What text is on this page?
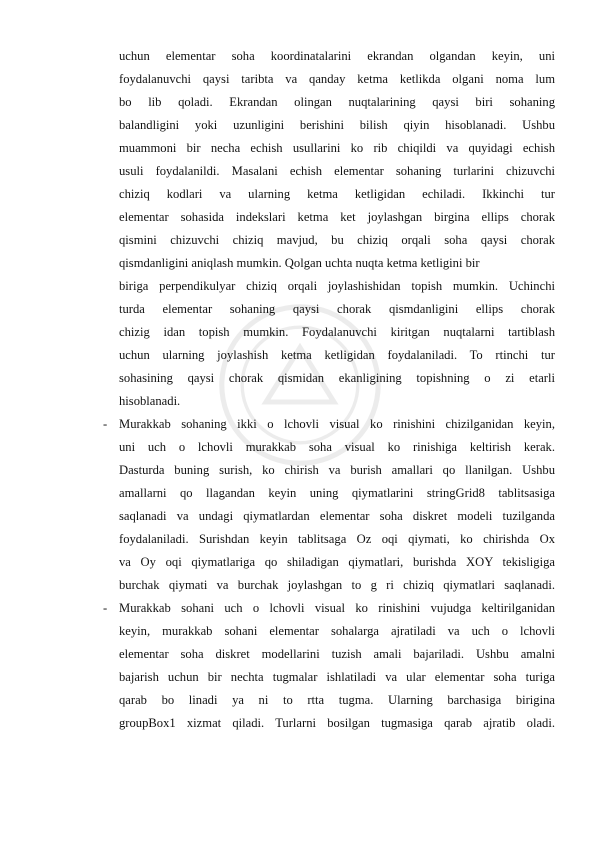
uchun elementar soha koordinatalarini ekrandan olgandan keyin, uni
foydalanuvchi qaysi taribta va qanday ketma ketlikda olgani noma lum
bo lib qoladi. Ekrandan olingan nuqtalarining qaysi biri sohaning
balandligini yoki uzunligini berishini bilish qiyin hisoblanadi. Ushbu
muammoni bir necha echish usullarini ko rib chiqildi va quyidagi echish
usuli foydalanildi. Masalani echish elementar sohaning turlarini chizuvchi
chiziq kodlari va ularning ketma ketligidan echiladi. Ikkinchi tur
elementar sohasida indekslari ketma ket joylashgan birgina ellips chorak
qismini chizuvchi chiziq mavjud, bu chiziq orqali soha qaysi chorak
qismdanligini aniqlash mumkin. Qolgan uchta nuqta ketma ketligini bir
biriga perpendikulyar chiziq orqali joylashishidan topish mumkin. Uchinchi
turda elementar sohaning qaysi chorak qismdanligini ellips chorak
chizig idan topish mumkin. Foydalanuvchi kiritgan nuqtalarni tartiblash
uchun ularning joylashish ketma ketligidan foydalaniladi. To rtinchi tur
sohasining qaysi chorak qismidan ekanligining topishning o zi etarli
hisoblanadi.
- Murakkab sohaning ikki o lchovli visual ko rinishini chizilganidan keyin,
uni uch o lchovli murakkab soha visual ko rinishiga keltirish kerak.
Dasturda buning surish, ko chirish va burish amallari qo llanilgan. Ushbu
amallarni qo llagandan keyin uning qiymatlarini stringGrid8 tablitsasiga
saqlanadi va undagi qiymatlardan elementar soha diskret modeli tuzilganda
foydalaniladi. Surishdan keyin tablitsaga Oz oqi qiymati, ko chirishda Ox
va Oy oqi qiymatlariga qo shiladigan qiymatlari, burishda XOY tekisligiga
burchak qiymati va burchak joylashgan to g ri chiziq qiymatlari saqlanadi.
- Murakkab sohani uch o lchovli visual ko rinishini vujudga keltirilganidan
keyin, murakkab sohani elementar sohalarga ajratiladi va uch o lchovli
elementar soha diskret modellarini tuzish amali bajariladi. Ushbu amalni
bajarish uchun bir nechta tugmalar ishlatiladi va ular elementar soha turiga
qarab bo linadi ya ni to rtta tugma. Ularning barchasiga birigina
groupBox1 xizmat qiladi. Turlarni bosilgan tugmasiga qarab ajratib oladi.
